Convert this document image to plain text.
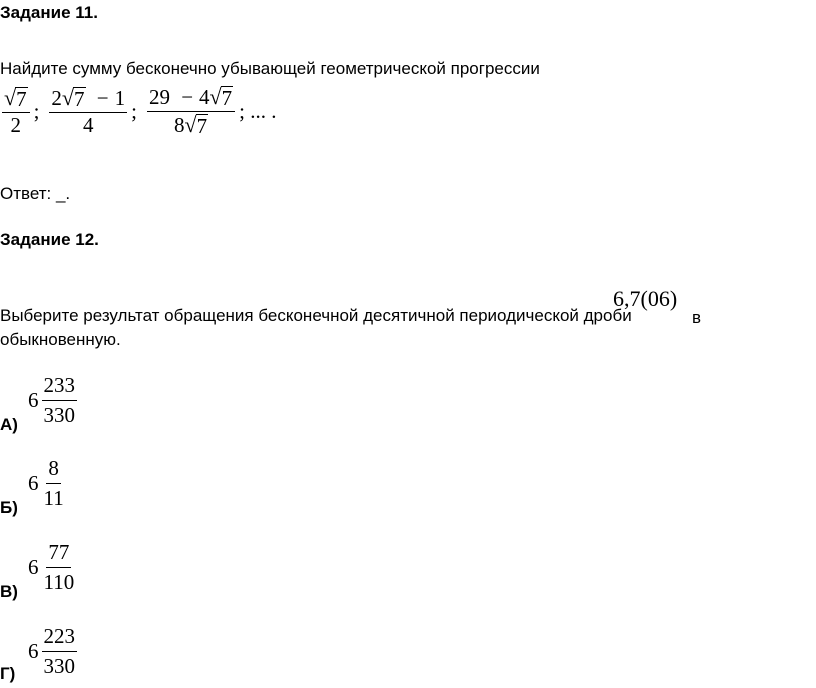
Задание 11.
Найдите сумму бесконечно убывающей геометрической прогрессии
$\frac{√ 7}{2}$ ; $\frac{2 √ 7 - 1}{4}$ ; $\frac{29 - 4 √ 7}{8 √ 7}$ ; ... .
Ответ: _.
Задание 12.
Выберите результат обращения бесконечной десятичной периодической дроби
6,7(06)
в
обыкновенную.
$6 \frac{233}{330}$
А)
$6 \frac{8}{11}$
Б)
$6 \frac{77}{110}$
В)
$6 \frac{223}{330}$
Г)
